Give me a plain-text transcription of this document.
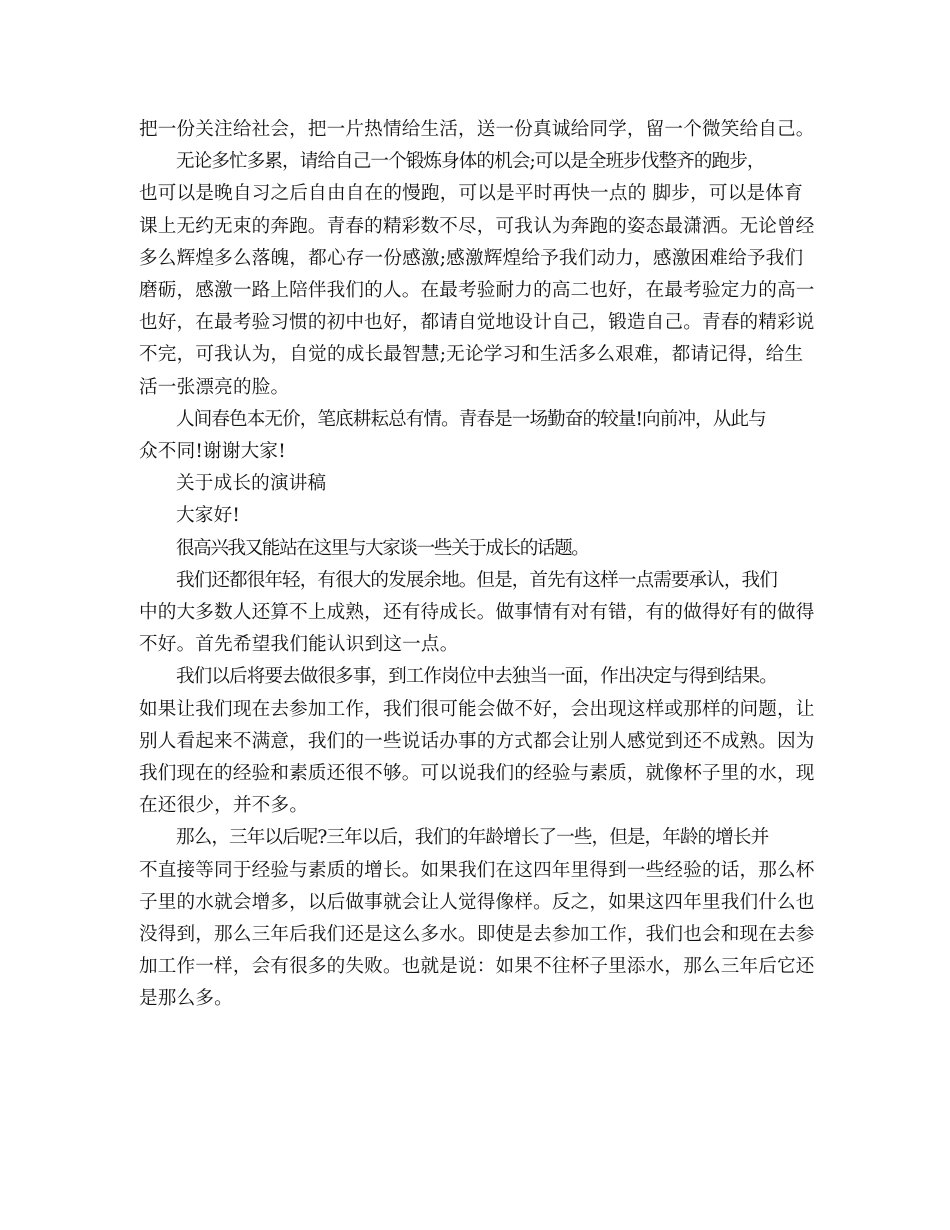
把一份关注给社会，把一片热情给生活，送一份真诚给同学，留一个微笑给自己。
无论多忙多累，请给自己一个锻炼身体的机会;可以是全班步伐整齐的跑步，
也可以是晚自习之后自由自在的慢跑，可以是平时再快一点的 脚步，可以是体育
课上无约无束的奔跑。青春的精彩数不尽，可我认为奔跑的姿态最潇洒。无论曾经
多么辉煌多么落魄，都心存一份感激;感激辉煌给予我们动力，感激困难给予我们
磨砺，感激一路上陪伴我们的人。在最考验耐力的高二也好，在最考验定力的高一
也好，在最考验习惯的初中也好，都请自觉地设计自己，锻造自己。青春的精彩说
不完，可我认为，自觉的成长最智慧;无论学习和生活多么艰难，都请记得，给生
活一张漂亮的脸。
人间春色本无价，笔底耕耘总有情。青春是一场勤奋的较量!向前冲，从此与
众不同!谢谢大家!
关于成长的演讲稿
大家好!
很高兴我又能站在这里与大家谈一些关于成长的话题。
我们还都很年轻，有很大的发展余地。但是，首先有这样一点需要承认，我们
中的大多数人还算不上成熟，还有待成长。做事情有对有错，有的做得好有的做得
不好。首先希望我们能认识到这一点。
我们以后将要去做很多事，到工作岗位中去独当一面，作出决定与得到结果。
如果让我们现在去参加工作，我们很可能会做不好，会出现这样或那样的问题，让
别人看起来不满意，我们的一些说话办事的方式都会让别人感觉到还不成熟。因为
我们现在的经验和素质还很不够。可以说我们的经验与素质，就像杯子里的水，现
在还很少，并不多。
那么，三年以后呢?三年以后，我们的年龄增长了一些，但是，年龄的增长并
不直接等同于经验与素质的增长。如果我们在这四年里得到一些经验的话，那么杯
子里的水就会增多，以后做事就会让人觉得像样。反之，如果这四年里我们什么也
没得到，那么三年后我们还是这么多水。即使是去参加工作，我们也会和现在去参
加工作一样，会有很多的失败。也就是说：如果不往杯子里添水，那么三年后它还
是那么多。
